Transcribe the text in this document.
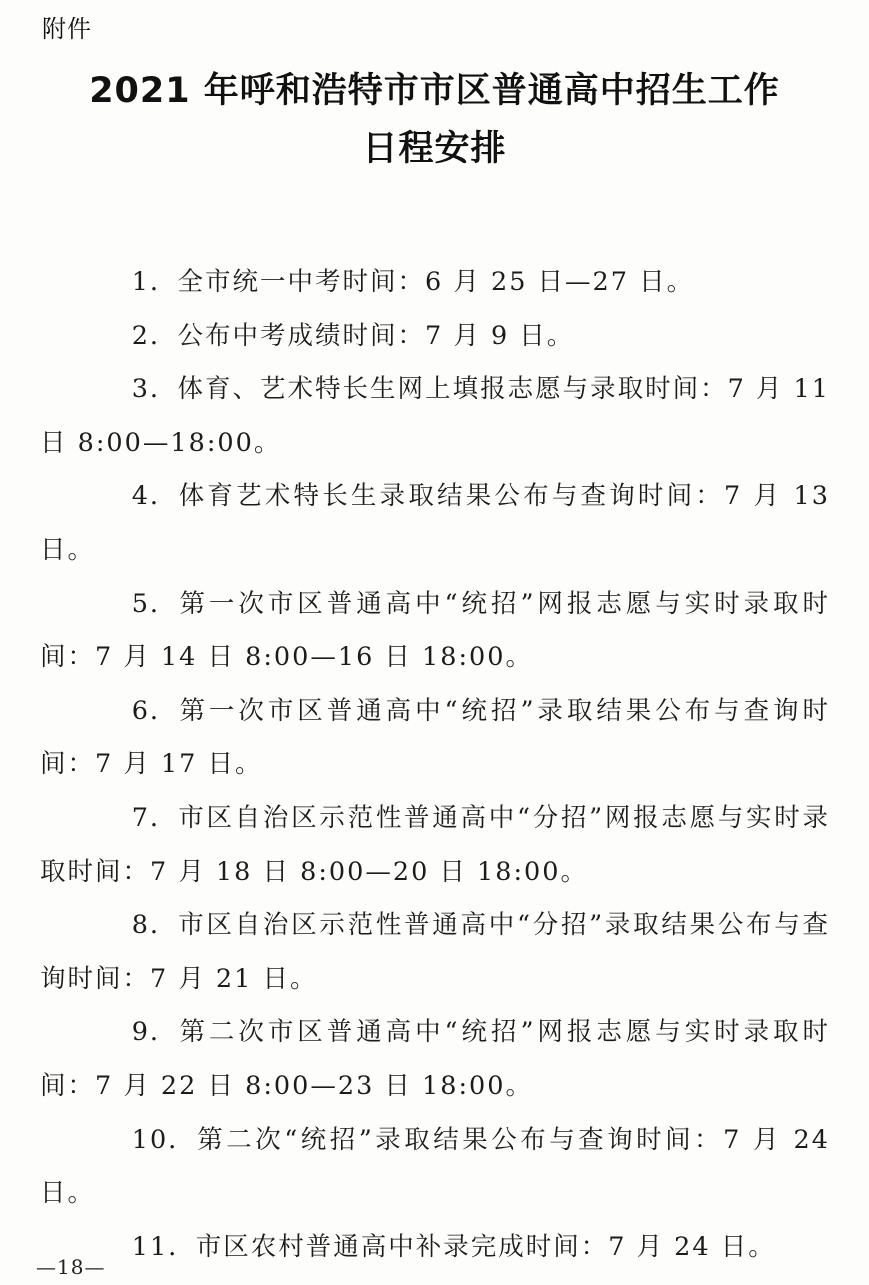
附件
2021 年呼和浩特市市区普通高中招生工作
日程安排

1．全市统一中考时间：6 月 25 日—27 日。

2．公布中考成绩时间：7 月 9 日。

3．体育、艺术特长生网上填报志愿与录取时间：7 月 11 日 8:00—18:00。

4．体育艺术特长生录取结果公布与查询时间：7 月 13 日。

5．第一次市区普通高中“统招”网报志愿与实时录取时间：7 月 14 日 8:00—16 日 18:00。

6．第一次市区普通高中“统招”录取结果公布与查询时间：7 月 17 日。

7．市区自治区示范性普通高中“分招”网报志愿与实时录取时间：7 月 18 日 8:00—20 日 18:00。

8．市区自治区示范性普通高中“分招”录取结果公布与查询时间：7 月 21 日。

9．第二次市区普通高中“统招”网报志愿与实时录取时间：7 月 22 日 8:00—23 日 18:00。

10．第二次“统招”录取结果公布与查询时间：7 月 24 日。

11．市区农村普通高中补录完成时间：7 月 24 日。

—18—
